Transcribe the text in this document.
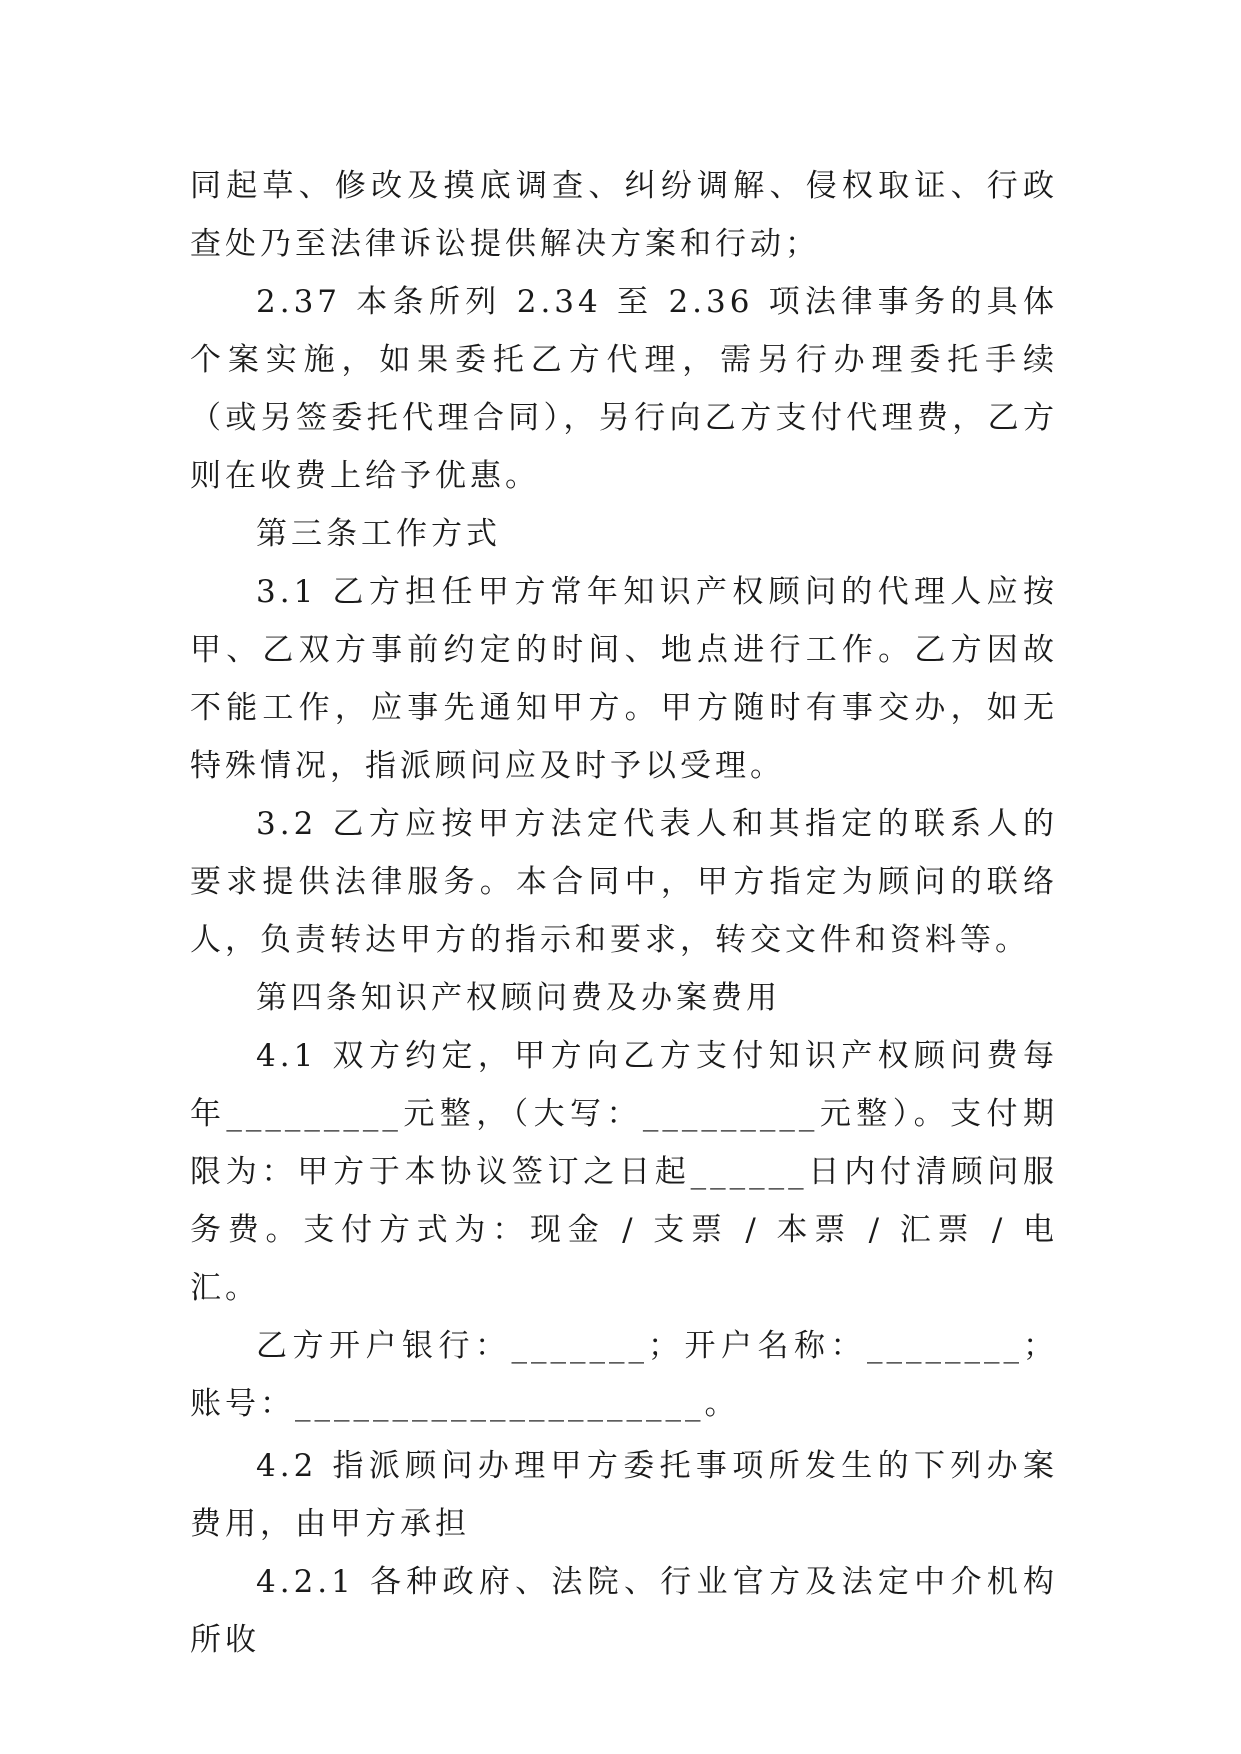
同起草、修改及摸底调查、纠纷调解、侵权取证、行政查处乃至法律诉讼提供解决方案和行动；

2.37 本条所列 2.34 至 2.36 项法律事务的具体个案实施，如果委托乙方代理，需另行办理委托手续（或另签委托代理合同），另行向乙方支付代理费，乙方则在收费上给予优惠。

第三条工作方式

3.1 乙方担任甲方常年知识产权顾问的代理人应按甲、乙双方事前约定的时间、地点进行工作。乙方因故不能工作，应事先通知甲方。甲方随时有事交办，如无特殊情况，指派顾问应及时予以受理。

3.2 乙方应按甲方法定代表人和其指定的联系人的要求提供法律服务。本合同中，甲方指定为顾问的联络人，负责转达甲方的指示和要求，转交文件和资料等。

第四条知识产权顾问费及办案费用

4.1 双方约定，甲方向乙方支付知识产权顾问费每年_________元整，（大写：_________元整）。支付期限为：甲方于本协议签订之日起______日内付清顾问服务费。支付方式为：现金 / 支票 / 本票 / 汇票 / 电汇。

乙方开户银行：_______；开户名称：________；账号：_____________________。

4.2 指派顾问办理甲方委托事项所发生的下列办案费用，由甲方承担

4.2.1 各种政府、法院、行业官方及法定中介机构所收
